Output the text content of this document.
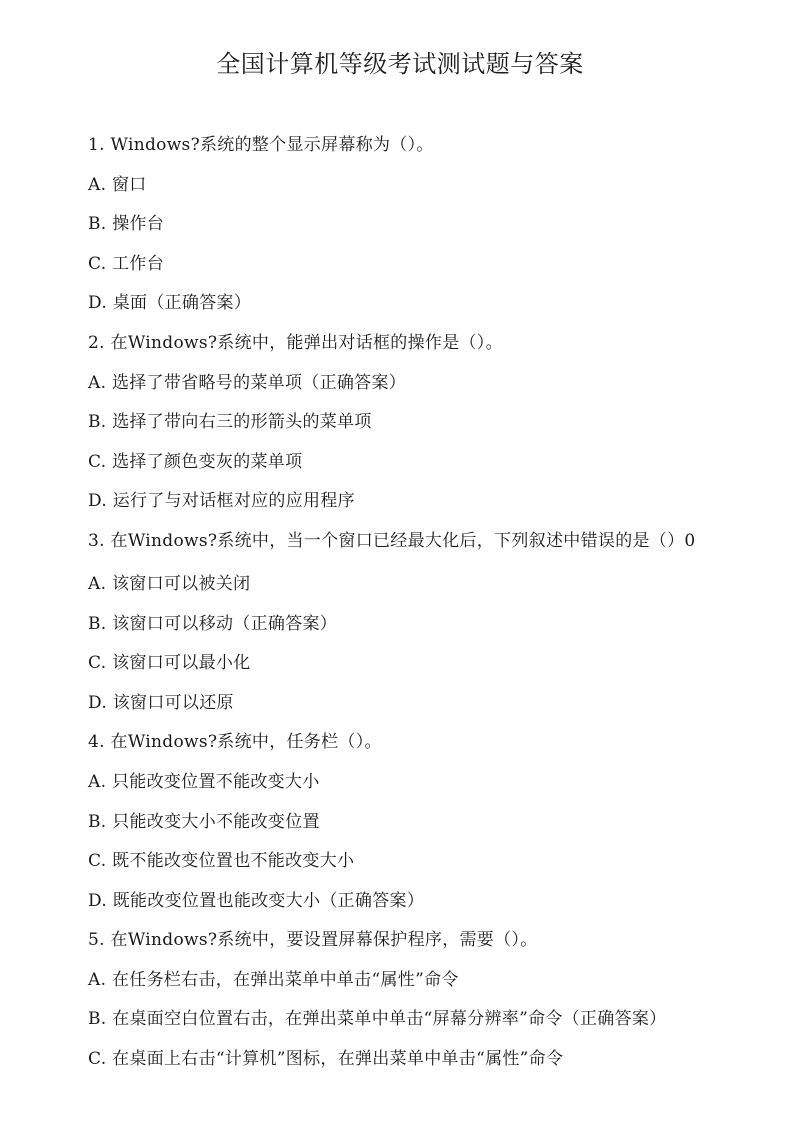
全国计算机等级考试测试题与答案
1. Windows?系统的整个显示屏幕称为（）。
A. 窗口
B. 操作台
C. 工作台
D. 桌面（正确答案）
2. 在Windows?系统中，能弹出对话框的操作是（）。
A. 选择了带省略号的菜单项（正确答案）
B. 选择了带向右三的形箭头的菜单项
C. 选择了颜色变灰的菜单项
D. 运行了与对话框对应的应用程序
3. 在Windows?系统中，当一个窗口已经最大化后，下列叙述中错误的是（）0
A. 该窗口可以被关闭
B. 该窗口可以移动（正确答案）
C. 该窗口可以最小化
D. 该窗口可以还原
4. 在Windows?系统中，任务栏（）。
A. 只能改变位置不能改变大小
B. 只能改变大小不能改变位置
C. 既不能改变位置也不能改变大小
D. 既能改变位置也能改变大小（正确答案）
5. 在Windows?系统中，要设置屏幕保护程序，需要（）。
A. 在任务栏右击，在弹出菜单中单击“属性”命令
B. 在桌面空白位置右击，在弹出菜单中单击“屏幕分辨率”命令（正确答案）
C. 在桌面上右击“计算机”图标，在弹出菜单中单击“属性”命令
